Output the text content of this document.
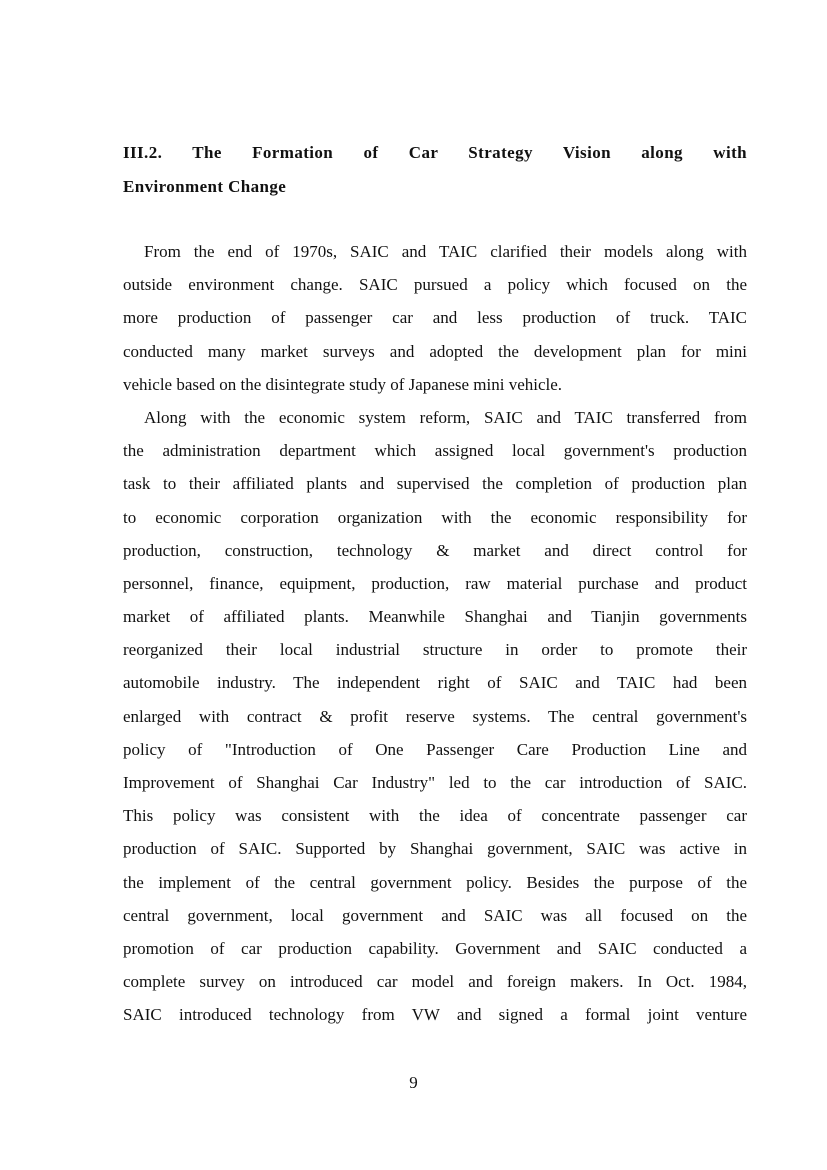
III.2. The Formation of Car Strategy Vision along with
Environment Change
From the end of 1970s, SAIC and TAIC clarified their models along with
outside environment change. SAIC pursued a policy which focused on the
more production of passenger car and less production of truck. TAIC
conducted many market surveys and adopted the development plan for mini
vehicle based on the disintegrate study of Japanese mini vehicle.
Along with the economic system reform, SAIC and TAIC transferred from
the administration department which assigned local government's production
task to their affiliated plants and supervised the completion of production plan
to economic corporation organization with the economic responsibility for
production, construction, technology & market and direct control for
personnel, finance, equipment, production, raw material purchase and product
market of affiliated plants. Meanwhile Shanghai and Tianjin governments
reorganized their local industrial structure in order to promote their
automobile industry. The independent right of SAIC and TAIC had been
enlarged with contract & profit reserve systems. The central government's
policy of "Introduction of One Passenger Care Production Line and
Improvement of Shanghai Car Industry" led to the car introduction of SAIC.
This policy was consistent with the idea of concentrate passenger car
production of SAIC. Supported by Shanghai government, SAIC was active in
the implement of the central government policy. Besides the purpose of the
central government, local government and SAIC was all focused on the
promotion of car production capability. Government and SAIC conducted a
complete survey on introduced car model and foreign makers. In Oct. 1984,
SAIC introduced technology from VW and signed a formal joint venture
9
